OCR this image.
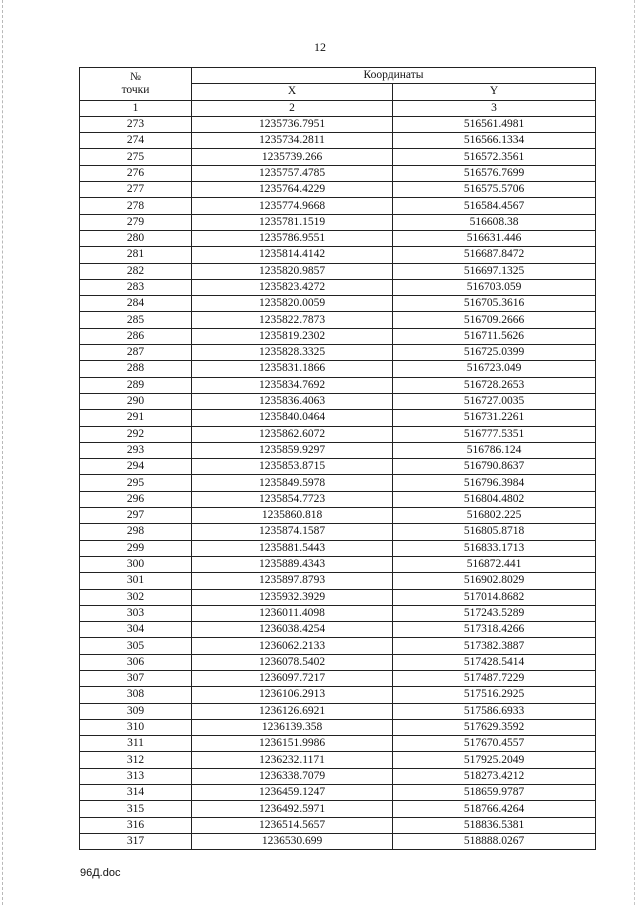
12
№
точки	Координаты	
	X	Y
1	2	3
273	1235736.7951	516561.4981
274	1235734.2811	516566.1334
275	1235739.266	516572.3561
276	1235757.4785	516576.7699
277	1235764.4229	516575.5706
278	1235774.9668	516584.4567
279	1235781.1519	516608.38
280	1235786.9551	516631.446
281	1235814.4142	516687.8472
282	1235820.9857	516697.1325
283	1235823.4272	516703.059
284	1235820.0059	516705.3616
285	1235822.7873	516709.2666
286	1235819.2302	516711.5626
287	1235828.3325	516725.0399
288	1235831.1866	516723.049
289	1235834.7692	516728.2653
290	1235836.4063	516727.0035
291	1235840.0464	516731.2261
292	1235862.6072	516777.5351
293	1235859.9297	516786.124
294	1235853.8715	516790.8637
295	1235849.5978	516796.3984
296	1235854.7723	516804.4802
297	1235860.818	516802.225
298	1235874.1587	516805.8718
299	1235881.5443	516833.1713
300	1235889.4343	516872.441
301	1235897.8793	516902.8029
302	1235932.3929	517014.8682
303	1236011.4098	517243.5289
304	1236038.4254	517318.4266
305	1236062.2133	517382.3887
306	1236078.5402	517428.5414
307	1236097.7217	517487.7229
308	1236106.2913	517516.2925
309	1236126.6921	517586.6933
310	1236139.358	517629.3592
311	1236151.9986	517670.4557
312	1236232.1171	517925.2049
313	1236338.7079	518273.4212
314	1236459.1247	518659.9787
315	1236492.5971	518766.4264
316	1236514.5657	518836.5381
317	1236530.699	518888.0267
96Д.doc
